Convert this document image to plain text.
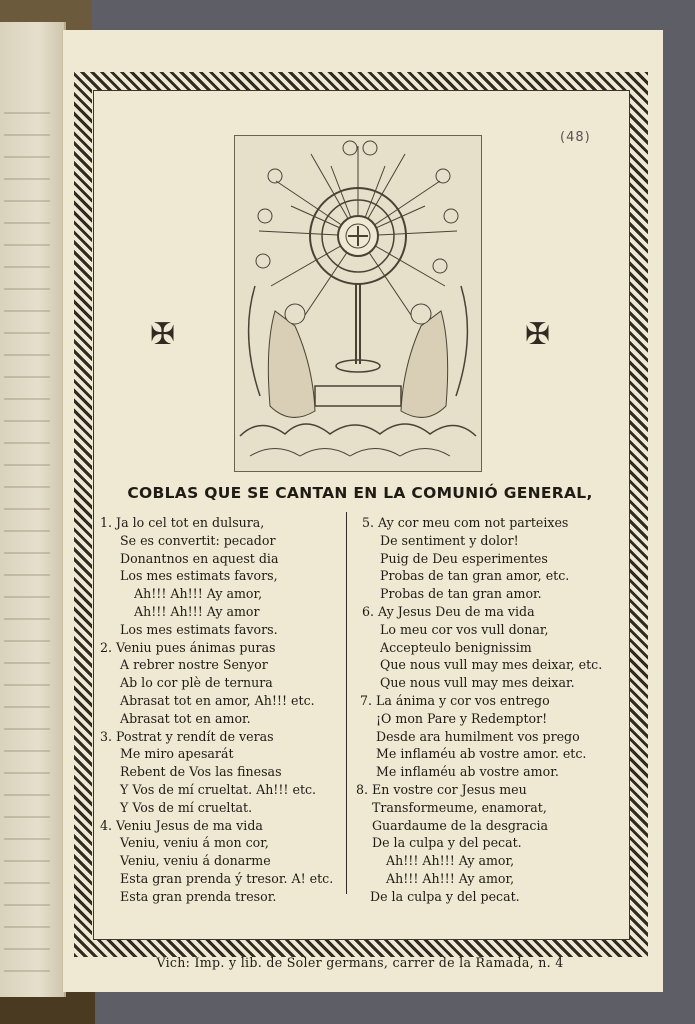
(48)
✠	✠
COBLAS QUE SE CANTAN EN LA COMUNIÓ GENERAL,
1. Ja lo cel tot en dulsura,
Se es convertit: pecador
Donantnos en aquest dia
Los mes estimats favors,
Ah!!! Ah!!! Ay amor,
Ah!!! Ah!!! Ay amor
Los mes estimats favors.
2. Veniu pues ánimas puras
A rebrer nostre Senyor
Ab lo cor plè de ternura
Abrasat tot en amor, Ah!!! etc.
Abrasat tot en amor.
3. Postrat y rendít de veras
Me miro apesarát
Rebent de Vos las finesas
Y Vos de mí crueltat. Ah!!! etc.
Y Vos de mí crueltat.
4. Veniu Jesus de ma vida
Veniu, veniu á mon cor,
Veniu, veniu á donarme
Esta gran prenda ý tresor. A! etc.
Esta gran prenda tresor.
5. Ay cor meu com not parteixes
De sentiment y dolor!
Puig de Deu esperimentes
Probas de tan gran amor, etc.
Probas de tan gran amor.
6. Ay Jesus Deu de ma vida
Lo meu cor vos vull donar,
Accepteulo benignissim
Que nous vull may mes deixar, etc.
Que nous vull may mes deixar.
7. La ánima y cor vos entrego
¡O mon Pare y Redemptor!
Desde ara humilment vos prego
Me inflaméu ab vostre amor. etc.
Me inflaméu ab vostre amor.
8. En vostre cor Jesus meu
Transformeume, enamorat,
Guardaume de la desgracia
De la culpa y del pecat.
Ah!!! Ah!!! Ay amor,
Ah!!! Ah!!! Ay amor,
De la culpa y del pecat.
Vich: Imp. y lib. de Soler germans, carrer de la Ramada, n. 4
